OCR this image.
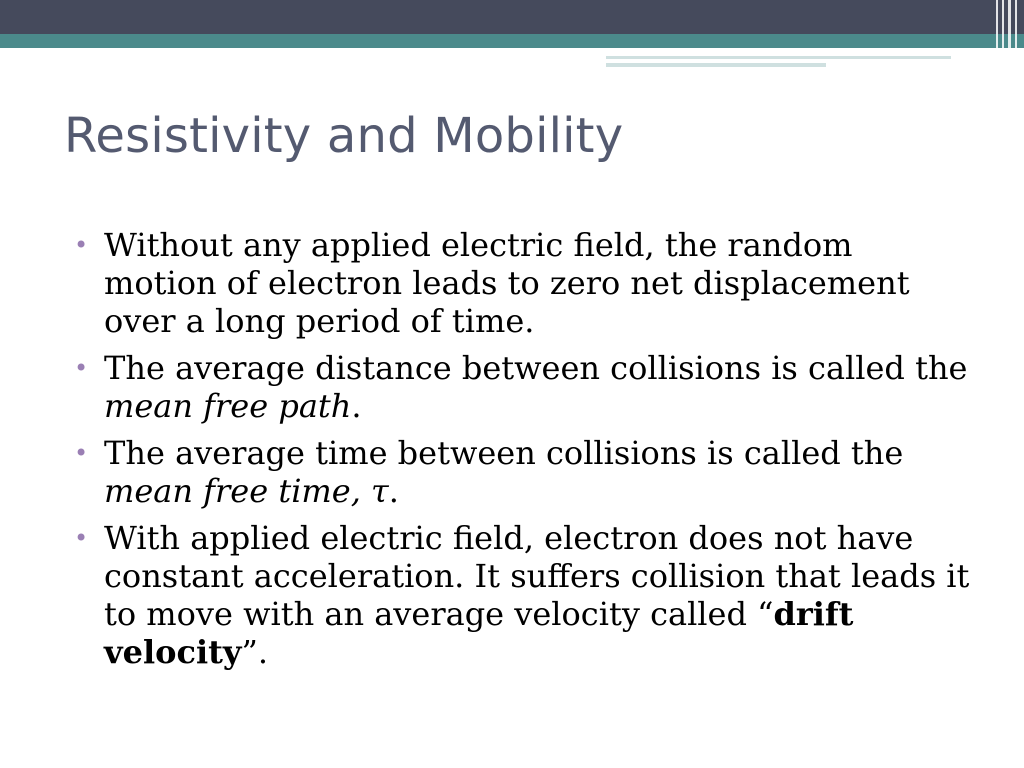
Resistivity and Mobility
• Without any applied electric field, the random motion of electron leads to zero net displacement over a long period of time.
• The average distance between collisions is called the mean free path.
• The average time between collisions is called the mean free time, τ.
• With applied electric field, electron does not have constant acceleration. It suffers collision that leads it to move with an average velocity called “drift velocity”.
